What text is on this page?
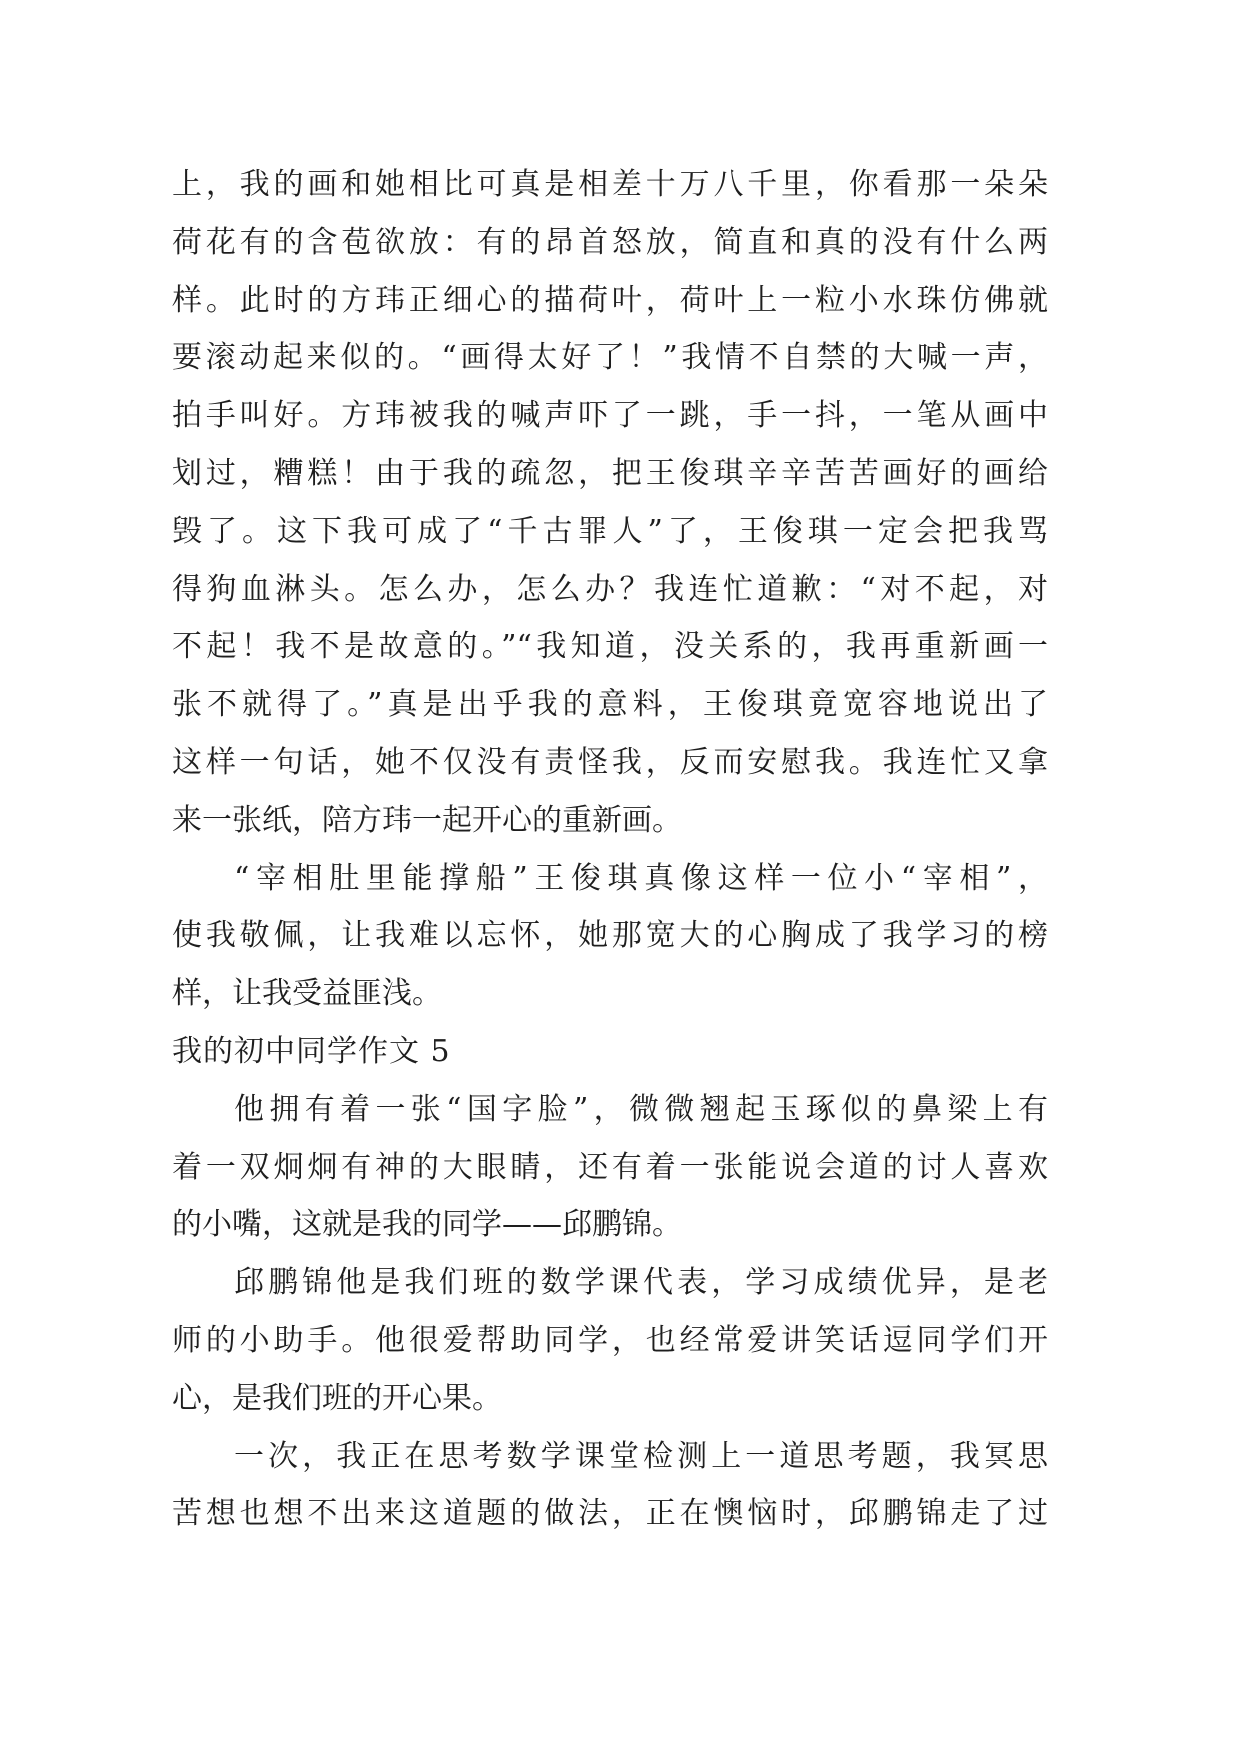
上，我的画和她相比可真是相差十万八千里，你看那一朵朵
荷花有的含苞欲放：有的昂首怒放，简直和真的没有什么两
样。此时的方玮正细心的描荷叶，荷叶上一粒小水珠仿佛就
要滚动起来似的。“画得太好了！”我情不自禁的大喊一声，
拍手叫好。方玮被我的喊声吓了一跳，手一抖，一笔从画中
划过，糟糕！由于我的疏忽，把王俊琪辛辛苦苦画好的画给
毁了。这下我可成了“千古罪人”了，王俊琪一定会把我骂
得狗血淋头。怎么办，怎么办？我连忙道歉：“对不起，对
不起！我不是故意的。”“我知道，没关系的，我再重新画一
张不就得了。”真是出乎我的意料，王俊琪竟宽容地说出了
这样一句话，她不仅没有责怪我，反而安慰我。我连忙又拿
来一张纸，陪方玮一起开心的重新画。
“宰相肚里能撑船”王俊琪真像这样一位小“宰相”，
使我敬佩，让我难以忘怀，她那宽大的心胸成了我学习的榜
样，让我受益匪浅。
我的初中同学作文 5
他拥有着一张“国字脸”，微微翘起玉琢似的鼻梁上有
着一双炯炯有神的大眼睛，还有着一张能说会道的讨人喜欢
的小嘴，这就是我的同学——邱鹏锦。
邱鹏锦他是我们班的数学课代表，学习成绩优异，是老
师的小助手。他很爱帮助同学，也经常爱讲笑话逗同学们开
心，是我们班的开心果。
一次，我正在思考数学课堂检测上一道思考题，我冥思
苦想也想不出来这道题的做法，正在懊恼时，邱鹏锦走了过
